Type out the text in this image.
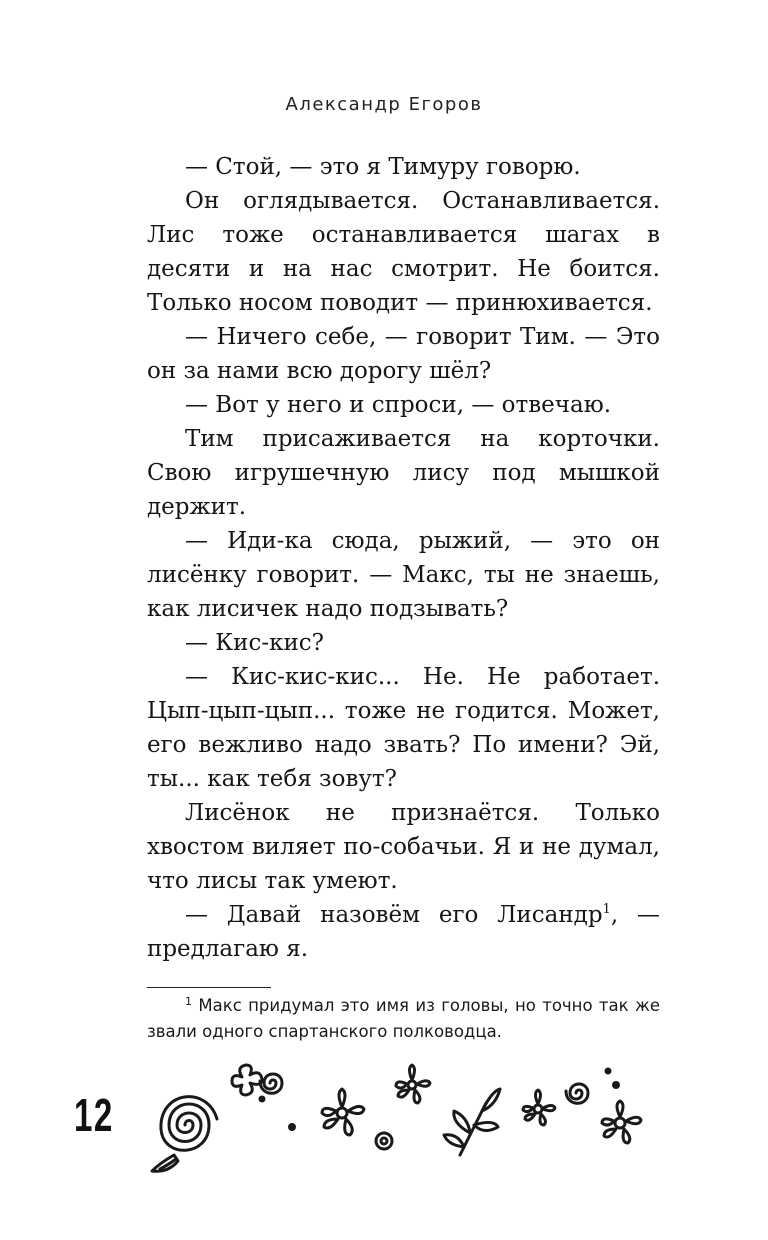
Александр Егоров

— Стой, — это я Тимуру говорю.

Он оглядывается. Останавливается. Лис тоже останавливается шагах в десяти и на нас смотрит. Не боится. Только носом поводит — принюхивается.

— Ничего себе, — говорит Тим. — Это он за нами всю дорогу шёл?

— Вот у него и спроси, — отвечаю.

Тим присаживается на корточки. Свою игрушечную лису под мышкой держит.

— Иди-ка сюда, рыжий, — это он лисёнку говорит. — Макс, ты не знаешь, как лисичек надо подзывать?

— Кис-кис?

— Кис-кис-кис... Не. Не работает. Цып-цып-цып... тоже не годится. Может, его вежливо надо звать? По имени? Эй, ты... как тебя зовут?

Лисёнок не признаётся. Только хвостом виляет по-собачьи. Я и не думал, что лисы так умеют.

— Давай назовём его Лисандр$^1$, — предлагаю я.

$^1$ Макс придумал это имя из головы, но точно так же звали одного спартанского полководца.

12
